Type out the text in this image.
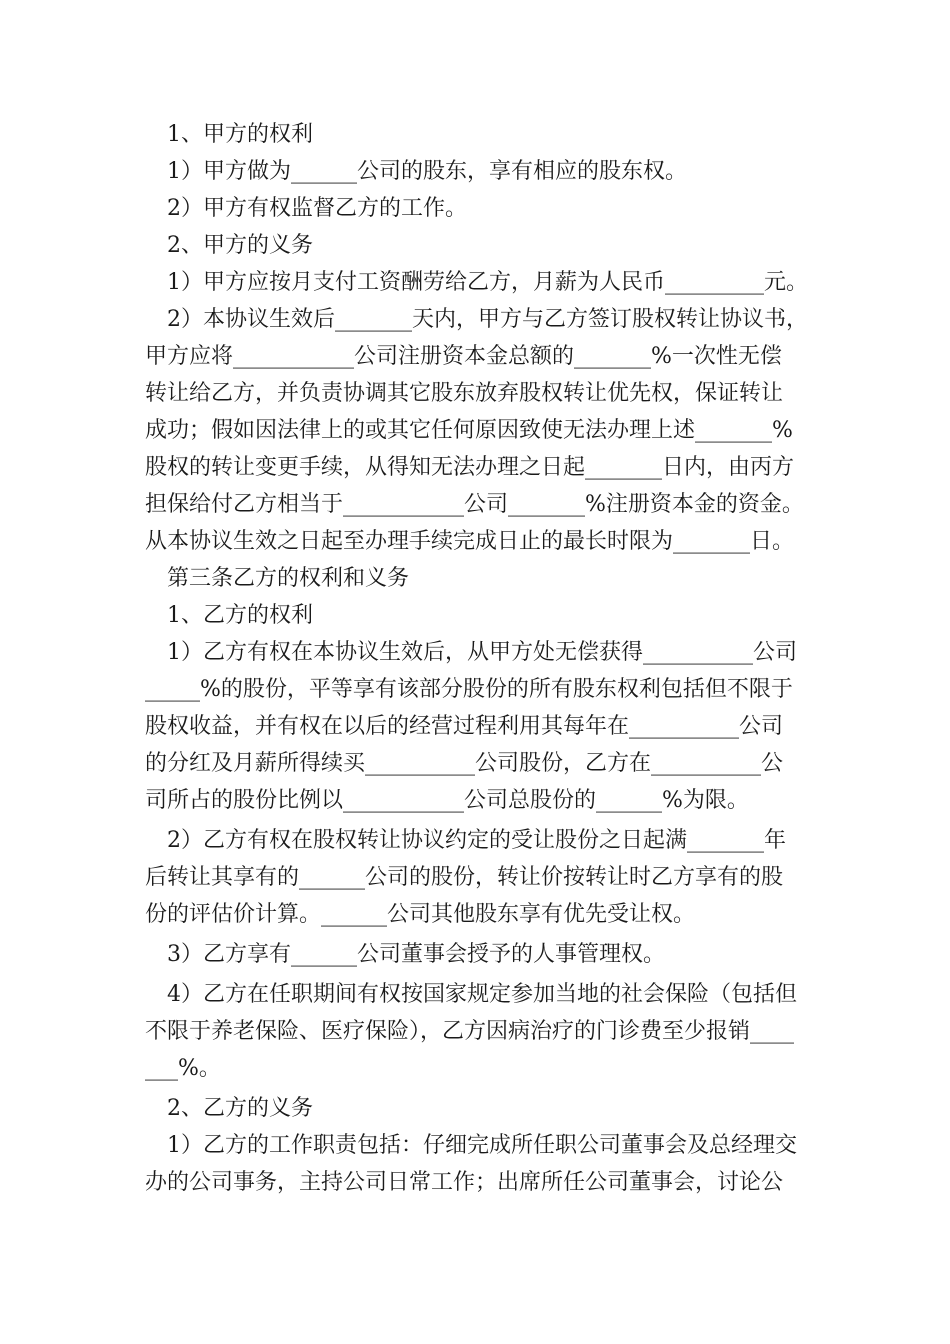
1、甲方的权利
1）甲方做为______公司的股东，享有相应的股东权。
2）甲方有权监督乙方的工作。
2、甲方的义务
1）甲方应按月支付工资酬劳给乙方，月薪为人民币_________元。
2）本协议生效后_______天内，甲方与乙方签订股权转让协议书，
甲方应将___________公司注册资本金总额的_______%一次性无偿
转让给乙方，并负责协调其它股东放弃股权转让优先权，保证转让
成功；假如因法律上的或其它任何原因致使无法办理上述_______%
股权的转让变更手续，从得知无法办理之日起_______日内，由丙方
担保给付乙方相当于___________公司_______%注册资本金的资金。
从本协议生效之日起至办理手续完成日止的最长时限为_______日。
第三条乙方的权利和义务
1、乙方的权利
1）乙方有权在本协议生效后，从甲方处无偿获得__________公司
_____%的股份，平等享有该部分股份的所有股东权利包括但不限于
股权收益，并有权在以后的经营过程利用其每年在__________公司
的分红及月薪所得续买__________公司股份，乙方在__________公
司所占的股份比例以___________公司总股份的______%为限。
2）乙方有权在股权转让协议约定的受让股份之日起满_______年
后转让其享有的______公司的股份，转让价按转让时乙方享有的股
份的评估价计算。______公司其他股东享有优先受让权。
3）乙方享有______公司董事会授予的人事管理权。
4）乙方在任职期间有权按国家规定参加当地的社会保险（包括但
不限于养老保险、医疗保险），乙方因病治疗的门诊费至少报销____
___%。
2、乙方的义务
1）乙方的工作职责包括：仔细完成所任职公司董事会及总经理交
办的公司事务，主持公司日常工作；出席所任公司董事会，讨论公
